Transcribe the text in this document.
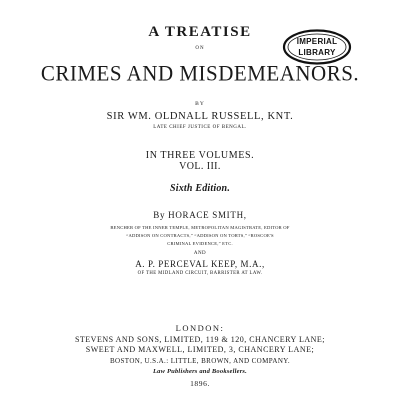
A TREATISE
ON
CRIMES AND MISDEMEANORS.
BY
SIR WM. OLDNALL RUSSELL, KNT.
LATE CHIEF JUSTICE OF BENGAL.
IN THREE VOLUMES.
VOL. III.
Sixth Edition.
By HORACE SMITH,
BENCHER OF THE INNER TEMPLE, METROPOLITAN MAGISTRATE, EDITOR OF
“ADDISON ON CONTRACTS,” “ADDISON ON TORTS,” “ROSCOE'S
CRIMINAL EVIDENCE,” ETC.
AND
A. P. PERCEVAL KEEP, M.A.,
OF THE MIDLAND CIRCUIT, BARRISTER AT LAW.
LONDON:
STEVENS AND SONS, LIMITED, 119 & 120, CHANCERY LANE;
SWEET AND MAXWELL, LIMITED, 3, CHANCERY LANE;
BOSTON, U.S.A.: LITTLE, BROWN, AND COMPANY.
Law Publishers and Booksellers.
1896.
IMPERIAL
LIBRARY
